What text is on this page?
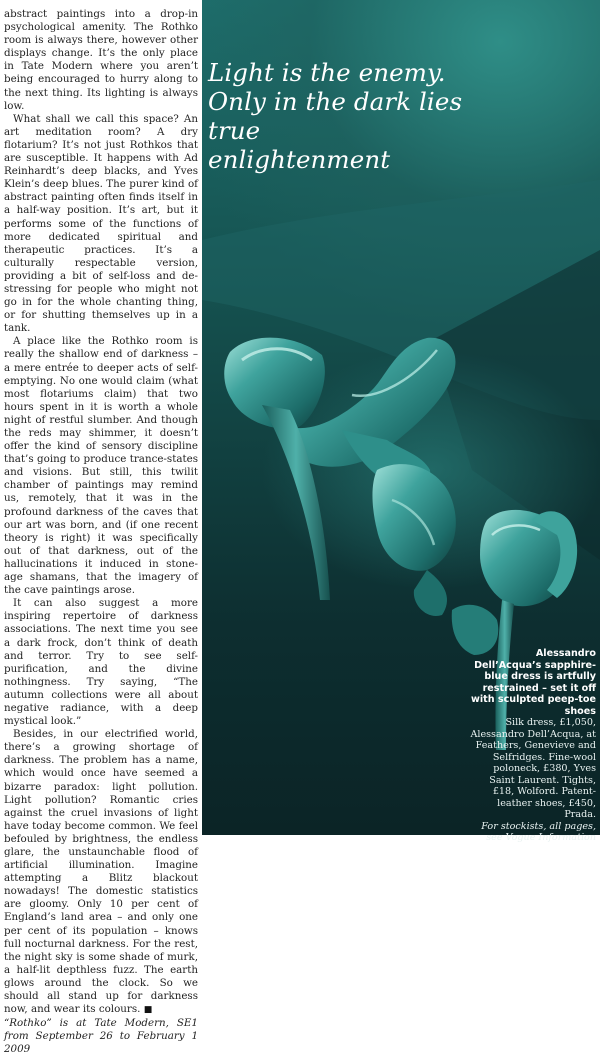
abstract paintings into a drop-in psychological amenity. The Rothko room is always there, however other displays change. It’s the only place in Tate Modern where you aren’t being encouraged to hurry along to the next thing. Its lighting is always low.

What shall we call this space? An art meditation room? A dry flotarium? It’s not just Rothkos that are susceptible. It happens with Ad Reinhardt’s deep blacks, and Yves Klein’s deep blues. The purer kind of abstract painting often finds itself in a half-way position. It’s art, but it performs some of the functions of more dedicated spiritual and therapeutic practices. It’s a culturally respectable version, providing a bit of self-loss and de-stressing for people who might not go in for the whole chanting thing, or for shutting themselves up in a tank.

A place like the Rothko room is really the shallow end of darkness – a mere entrée to deeper acts of self-emptying. No one would claim (what most flotariums claim) that two hours spent in it is worth a whole night of restful slumber. And though the reds may shimmer, it doesn’t offer the kind of sensory discipline that’s going to produce trance-states and visions. But still, this twilit chamber of paintings may remind us, remotely, that it was in the profound darkness of the caves that our art was born, and (if one recent theory is right) it was specifically out of that darkness, out of the hallucinations it induced in stone-age shamans, that the imagery of the cave paintings arose.

It can also suggest a more inspiring repertoire of darkness associations. The next time you see a dark frock, don’t think of death and terror. Try to see self-purification, and the divine nothingness. Try saying, “The autumn collections were all about negative radiance, with a deep mystical look.”

Besides, in our electrified world, there’s a growing shortage of darkness. The problem has a name, which would once have seemed a bizarre paradox: light pollution. Light pollution? Romantic cries against the cruel invasions of light have today become common. We feel befouled by brightness, the endless glare, the unstaunchable flood of artificial illumination. Imagine attempting a Blitz blackout nowadays! The domestic statistics are gloomy. Only 10 per cent of England’s land area – and only one per cent of its population – knows full nocturnal darkness. For the rest, the night sky is some shade of murk, a half-lit depthless fuzz. The earth glows around the clock. So we should all stand up for darkness now, and wear its colours. ■

“Rothko” is at Tate Modern, SE1 from September 26 to February 1 2009

Light is the enemy.
Only in the dark lies true
enlightenment
Alessandro Dell’Acqua’s sapphire-blue dress is artfully restrained – set it off with sculpted peep-toe shoes
Silk dress, £1,050, Alessandro Dell’Acqua, at Feathers, Genevieve and Selfridges. Fine-wool poloneck, £380, Yves Saint Laurent. Tights, £18, Wolford. Patent-leather shoes, £450, Prada.
For stockists, all pages, see Vogue Information
